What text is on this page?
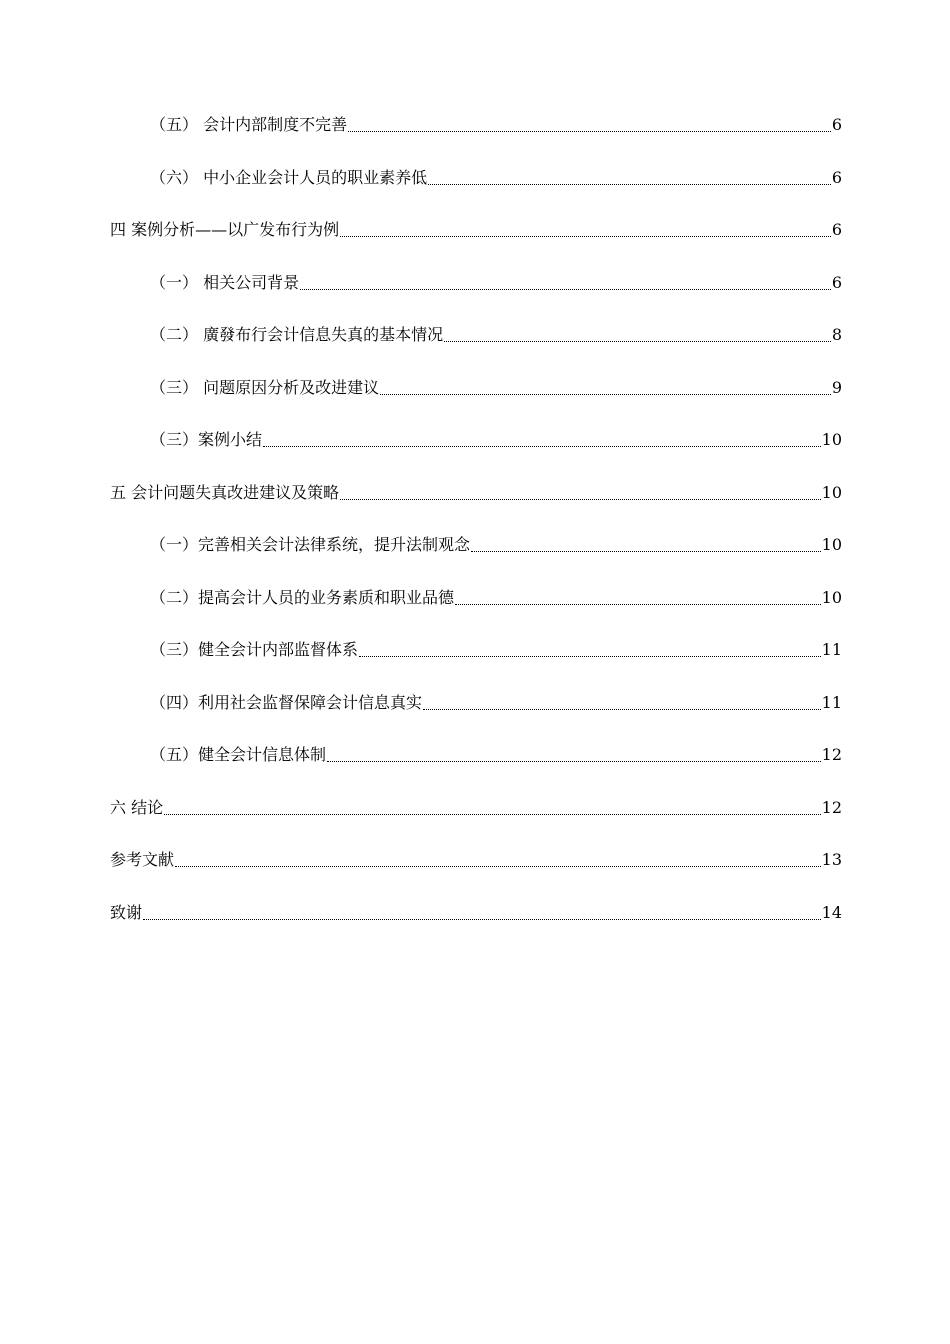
（五） 会计内部制度不完善	6
（六） 中小企业会计人员的职业素养低	6
四 案例分析——以广发布行为例	6
（一） 相关公司背景	6
（二） 廣發布行会计信息失真的基本情况	8
（三） 问题原因分析及改进建议	9
（三）案例小结	10
五 会计问题失真改进建议及策略	10
（一）完善相关会计法律系统，提升法制观念	10
（二）提高会计人员的业务素质和职业品德	10
（三）健全会计内部监督体系	11
（四）利用社会监督保障会计信息真实	11
（五）健全会计信息体制	12
六 结论	12
参考文献	13
致谢	14
